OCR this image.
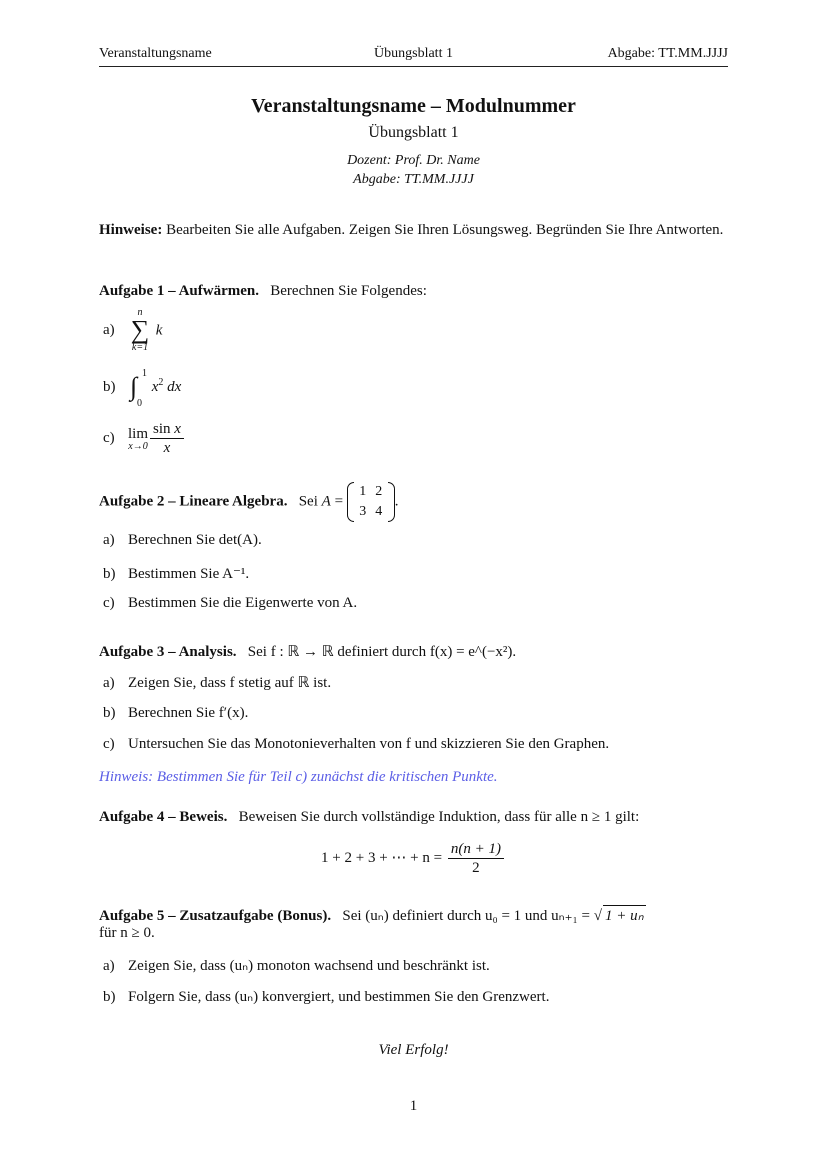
Veranstaltungsname	Übungsblatt 1	Abgabe: TT.MM.JJJJ
Veranstaltungsname – Modulnummer
Übungsblatt 1
Dozent: Prof. Dr. Name
Abgabe: TT.MM.JJJJ
Hinweise: Bearbeiten Sie alle Aufgaben. Zeigen Sie Ihren Lösungsweg. Begründen Sie Ihre Antworten.
Aufgabe 1 – Aufwärmen. Berechnen Sie Folgendes:
a)
n
∑
k=1
k
b) ∫ 1
0
$x^2$ dx
c) lim
$x\to 0 \frac{\text{sin x}}{x}$
Aufgabe 2 – Lineare Algebra. Sei A =
1 2
3 4
.
a) Berechnen Sie det(A).
b) Bestimmen Sie A⁻¹.
c) Bestimmen Sie die Eigenwerte von A.
Aufgabe 3 – Analysis. Sei f : ℝ → ℝ definiert durch f(x) = e^(−x²).
a) Zeigen Sie, dass f stetig auf ℝ ist.
b) Berechnen Sie f′(x).
c) Untersuchen Sie das Monotonieverhalten von f und skizzieren Sie den Graphen.
Hinweis: Bestimmen Sie für Teil c) zunächst die kritischen Punkte.
Aufgabe 4 – Beweis. Beweisen Sie durch vollständige Induktion, dass für alle n ≥ 1 gilt:
1 + 2 + 3 + ⋯ + $n = \frac{n(n + 1)}{2}$
Aufgabe 5 – Zusatzaufgabe (Bonus). Sei (uₙ) definiert durch u₀ = 1 und uₙ₊₁ = √ 1 + uₙ
für n ≥ 0.
a) Zeigen Sie, dass (uₙ) monoton wachsend und beschränkt ist.
b) Folgern Sie, dass (uₙ) konvergiert, und bestimmen Sie den Grenzwert.
Viel Erfolg!
1
